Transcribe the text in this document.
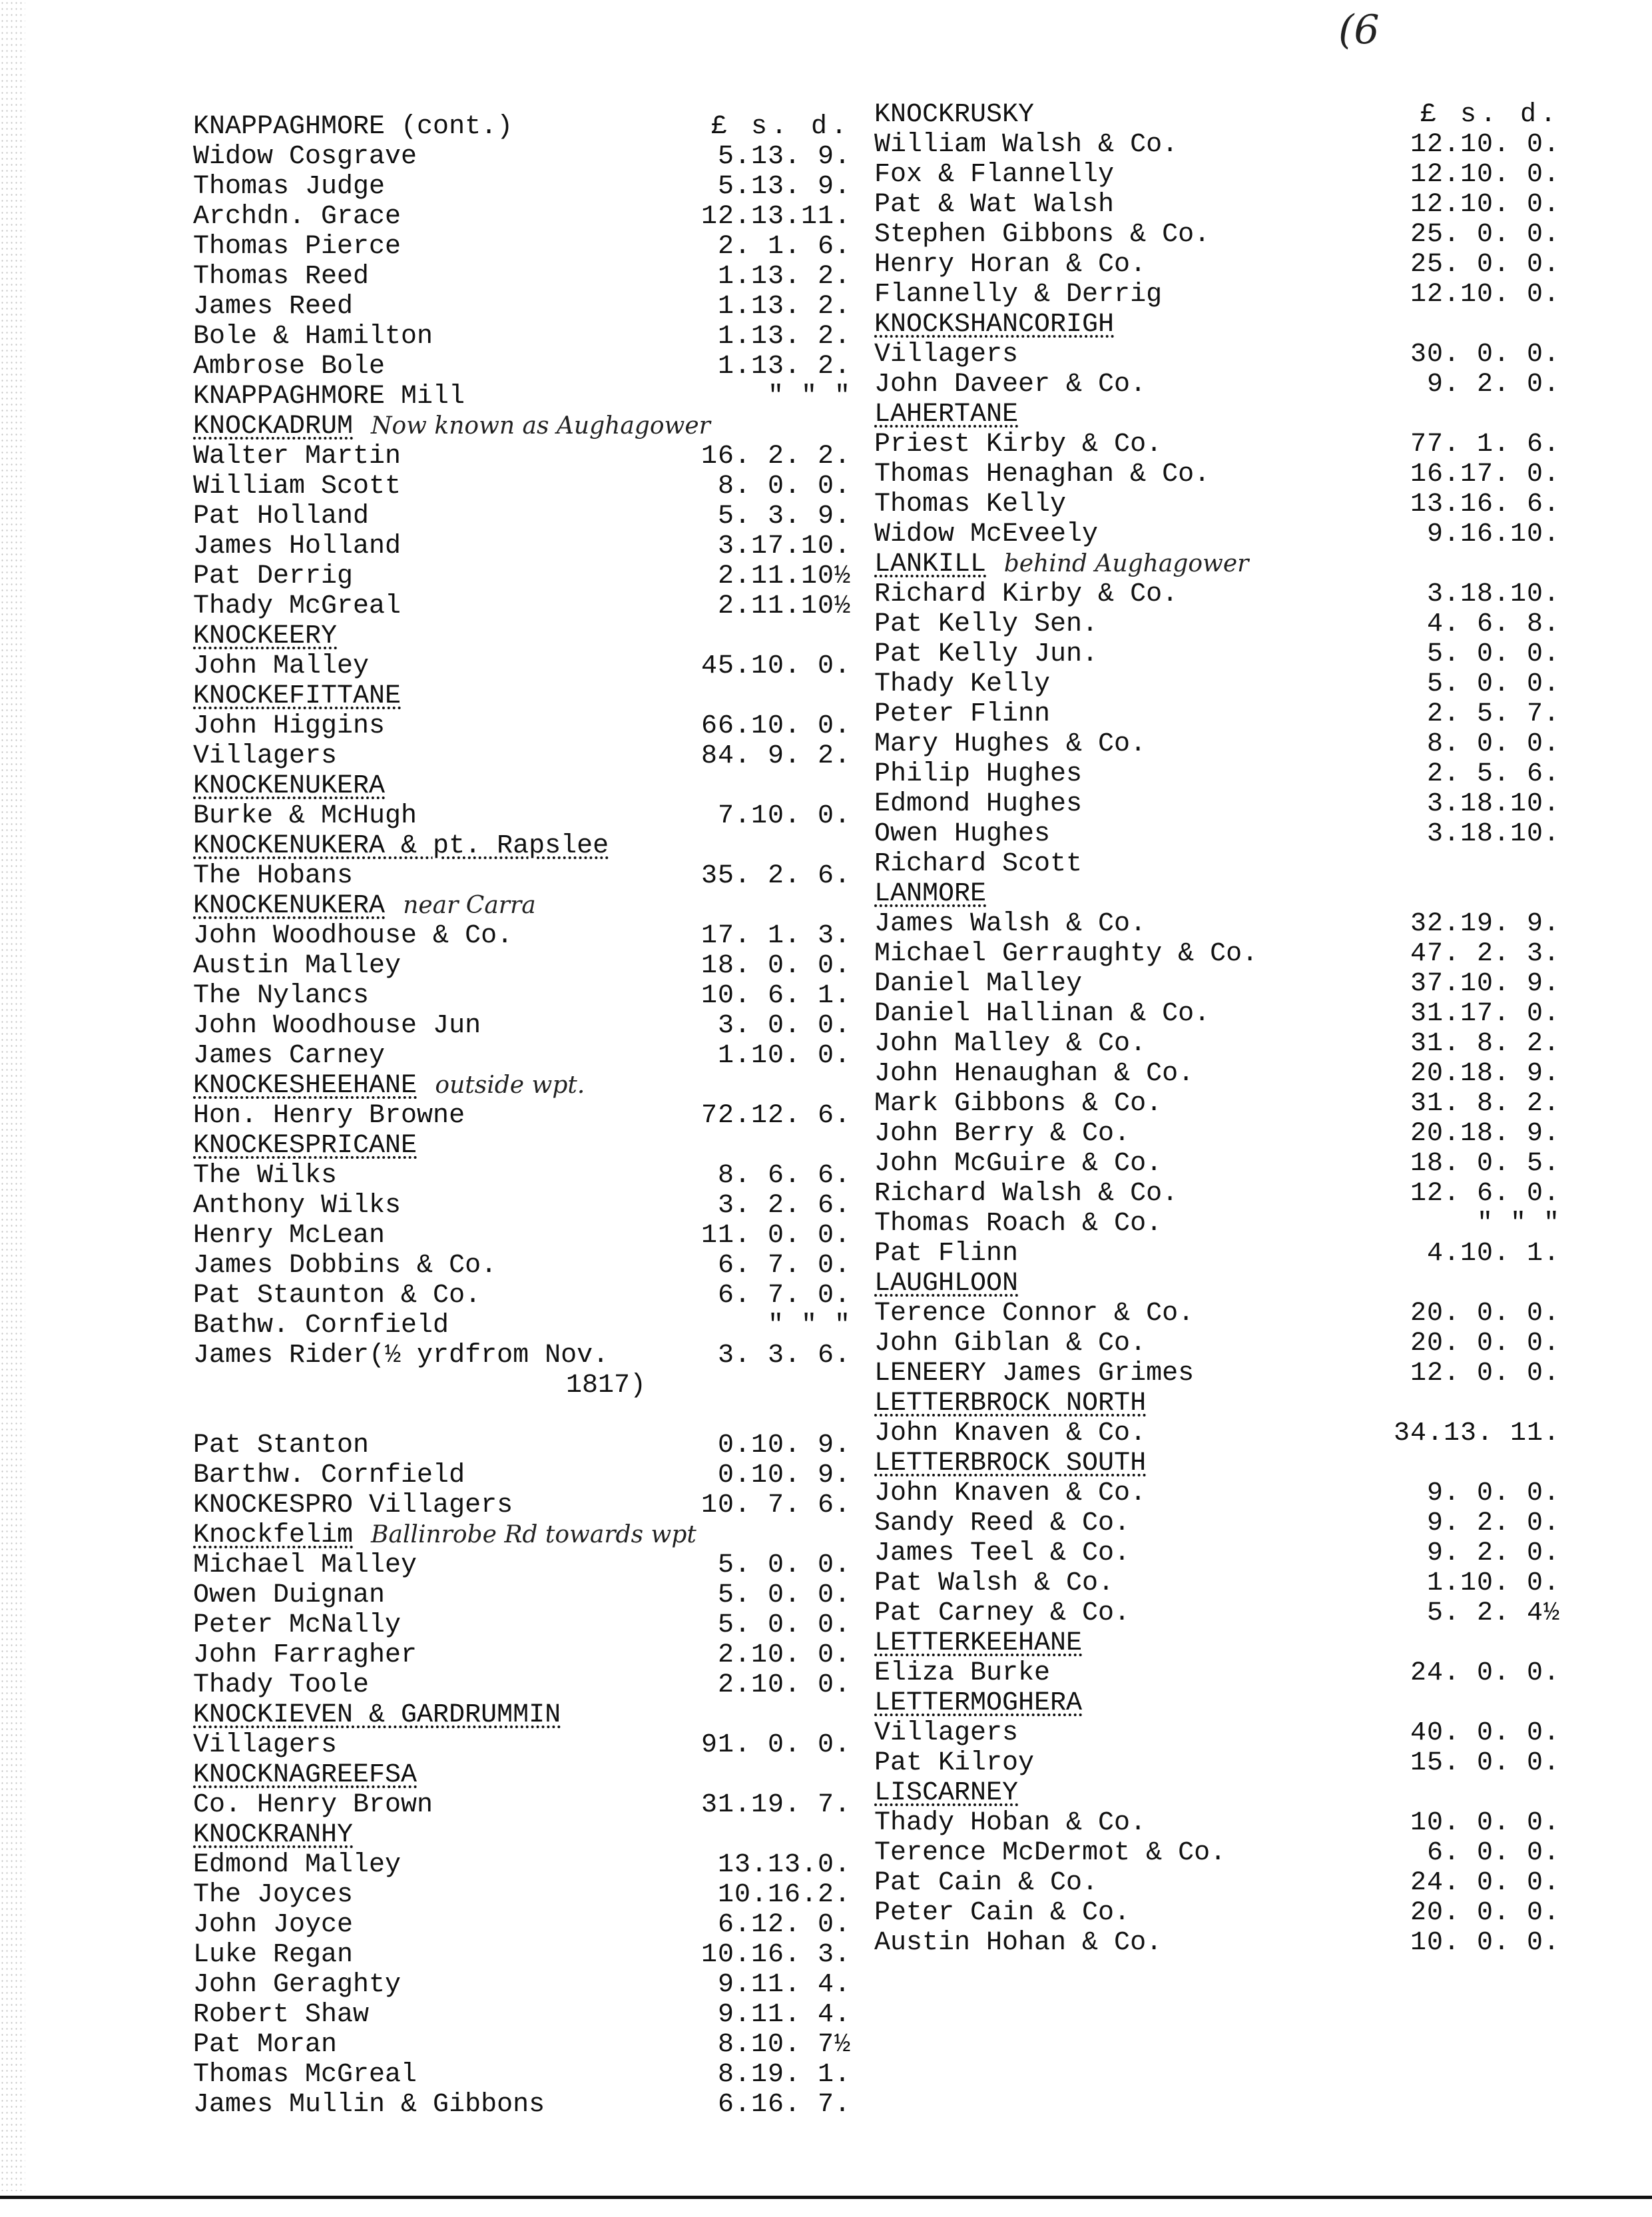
(6
KNAPPAGHMORE (cont.)	£ s. d.
Widow Cosgrave	5.13. 9.
Thomas Judge	5.13. 9.
Archdn. Grace	12.13.11.
Thomas Pierce	2. 1. 6.
Thomas Reed	1.13. 2.
James Reed	1.13. 2.
Bole & Hamilton	1.13. 2.
Ambrose Bole	1.13. 2.
KNAPPAGHMORE Mill	" " "
KNOCKADRUM Now known as Aughagower
Walter Martin	16. 2. 2.
William Scott	8. 0. 0.
Pat Holland	5. 3. 9.
James Holland	3.17.10.
Pat Derrig	2.11.10½
Thady McGreal	2.11.10½
KNOCKEERY
John Malley	45.10. 0.
KNOCKEFITTANE
John Higgins	66.10. 0.
Villagers	84. 9. 2.
KNOCKENUKERA
Burke & McHugh	7.10. 0.
KNOCKENUKERA & pt. Rapslee
The Hobans	35. 2. 6.
KNOCKENUKERA near Carra
John Woodhouse & Co.	17. 1. 3.
Austin Malley	18. 0. 0.
The Nylancs	10. 6. 1.
John Woodhouse Jun	3. 0. 0.
James Carney	1.10. 0.
KNOCKESHEEHANE outside wpt.
Hon. Henry Browne	72.12. 6.
KNOCKESPRICANE
The Wilks	8. 6. 6.
Anthony Wilks	3. 2. 6.
Henry McLean	11. 0. 0.
James Dobbins & Co.	6. 7. 0.
Pat Staunton & Co.	6. 7. 0.
Bathw. Cornfield	" " "
James Rider(½ yrdfrom Nov.	3. 3. 6.
1817)
Pat Stanton	0.10. 9.
Barthw. Cornfield	0.10. 9.
KNOCKESPRO Villagers	10. 7. 6.
Knockfelim Ballinrobe Rd towards wpt
Michael Malley	5. 0. 0.
Owen Duignan	5. 0. 0.
Peter McNally	5. 0. 0.
John Farragher	2.10. 0.
Thady Toole	2.10. 0.
KNOCKIEVEN & GARDRUMMIN
Villagers	91. 0. 0.
KNOCKNAGREEFSA
Co. Henry Brown	31.19. 7.
KNOCKRANHY
Edmond Malley	13.13.0.
The Joyces	10.16.2.
John Joyce	6.12. 0.
Luke Regan	10.16. 3.
John Geraghty	9.11. 4.
Robert Shaw	9.11. 4.
Pat Moran	8.10. 7½
Thomas McGreal	8.19. 1.
James Mullin & Gibbons	6.16. 7.
KNOCKRUSKY	£ s. d.
William Walsh & Co.	12.10. 0.
Fox & Flannelly	12.10. 0.
Pat & Wat Walsh	12.10. 0.
Stephen Gibbons & Co.	25. 0. 0.
Henry Horan & Co.	25. 0. 0.
Flannelly & Derrig	12.10. 0.
KNOCKSHANCORIGH
Villagers	30. 0. 0.
John Daveer & Co.	9. 2. 0.
LAHERTANE
Priest Kirby & Co.	77. 1. 6.
Thomas Henaghan & Co.	16.17. 0.
Thomas Kelly	13.16. 6.
Widow McEveely	9.16.10.
LANKILL behind Aughagower
Richard Kirby & Co.	3.18.10.
Pat Kelly Sen.	4. 6. 8.
Pat Kelly Jun.	5. 0. 0.
Thady Kelly	5. 0. 0.
Peter Flinn	2. 5. 7.
Mary Hughes & Co.	8. 0. 0.
Philip Hughes	2. 5. 6.
Edmond Hughes	3.18.10.
Owen Hughes	3.18.10.
Richard Scott
LANMORE
James Walsh & Co.	32.19. 9.
Michael Gerraughty & Co.	47. 2. 3.
Daniel Malley	37.10. 9.
Daniel Hallinan & Co.	31.17. 0.
John Malley & Co.	31. 8. 2.
John Henaughan & Co.	20.18. 9.
Mark Gibbons & Co.	31. 8. 2.
John Berry & Co.	20.18. 9.
John McGuire & Co.	18. 0. 5.
Richard Walsh & Co.	12. 6. 0.
Thomas Roach & Co.	" " "
Pat Flinn	4.10. 1.
LAUGHLOON
Terence Connor & Co.	20. 0. 0.
John Giblan & Co.	20. 0. 0.
LENEERY James Grimes	12. 0. 0.
LETTERBROCK NORTH
John Knaven & Co.	34.13. 11.
LETTERBROCK SOUTH
John Knaven & Co.	9. 0. 0.
Sandy Reed & Co.	9. 2. 0.
James Teel & Co.	9. 2. 0.
Pat Walsh & Co.	1.10. 0.
Pat Carney & Co.	5. 2. 4½
LETTERKEEHANE
Eliza Burke	24. 0. 0.
LETTERMOGHERA
Villagers	40. 0. 0.
Pat Kilroy	15. 0. 0.
LISCARNEY
Thady Hoban & Co.	10. 0. 0.
Terence McDermot & Co.	6. 0. 0.
Pat Cain & Co.	24. 0. 0.
Peter Cain & Co.	20. 0. 0.
Austin Hohan & Co.	10. 0. 0.
